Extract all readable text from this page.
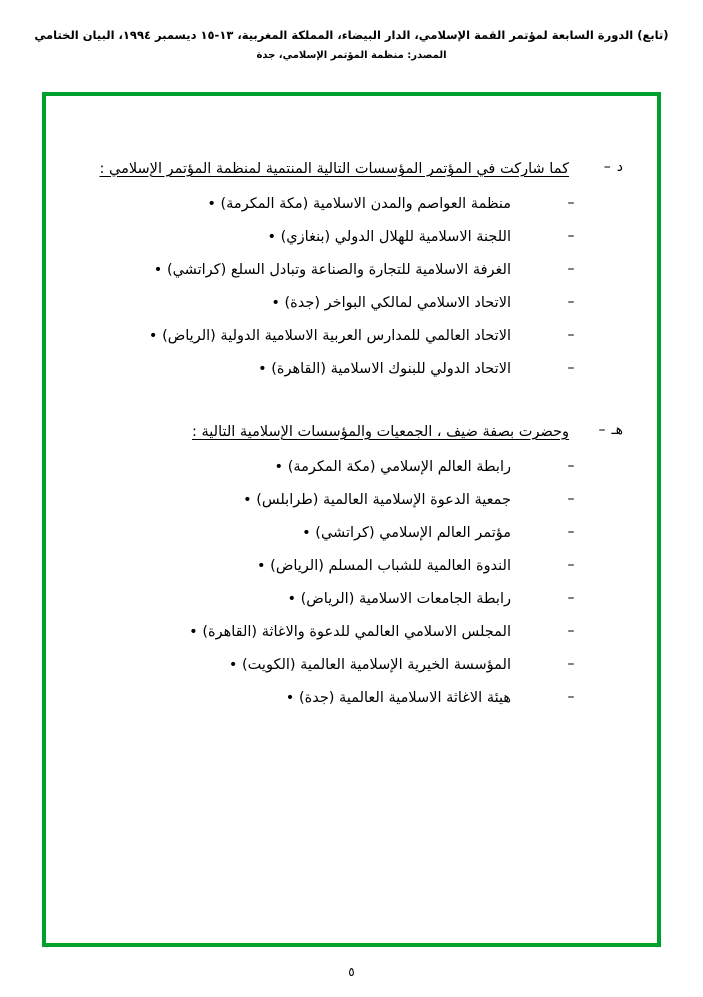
(تابع) الدورة السابعة لمؤتمر القمة الإسلامي، الدار البيضاء، المملكة المغربية، ١٣-١٥ ديسمبر ١٩٩٤، البيان الختامي
المصدر: منظمة المؤتمر الإسلامي، جدة
د–
كما شاركت في المؤتمر المؤسسات التالية المنتمية لمنظمة المؤتمر الإسلامي :
–
منظمة العواصم والمدن الاسلامية (مكة المكرمة) •
–
اللجنة الاسلامية للهلال الدولي (بنغازي) •
–
الغرفة الاسلامية للتجارة والصناعة وتبادل السلع (كراتشي) •
–
الاتحاد الاسلامي لمالكي البواخر (جدة) •
–
الاتحاد العالمي للمدارس العربية الاسلامية الدولية (الرياض) •
–
الاتحاد الدولي للبنوك الاسلامية (القاهرة) •
هـ–
وحضرت بصفة ضيف ، الجمعيات والمؤسسات الإسلامية التالية :
–
رابطة العالم الإسلامي (مكة المكرمة) •
–
جمعية الدعوة الإسلامية العالمية (طرابلس) •
–
مؤتمر العالم الإسلامي (كراتشي) •
–
الندوة العالمية للشباب المسلم (الرياض) •
–
رابطة الجامعات الاسلامية (الرياض) •
–
المجلس الاسلامي العالمي للدعوة والاغاثة (القاهرة) •
–
المؤسسة الخيرية الإسلامية العالمية (الكويت) •
–
هيئة الاغاثة الاسلامية العالمية (جدة) •
٥
